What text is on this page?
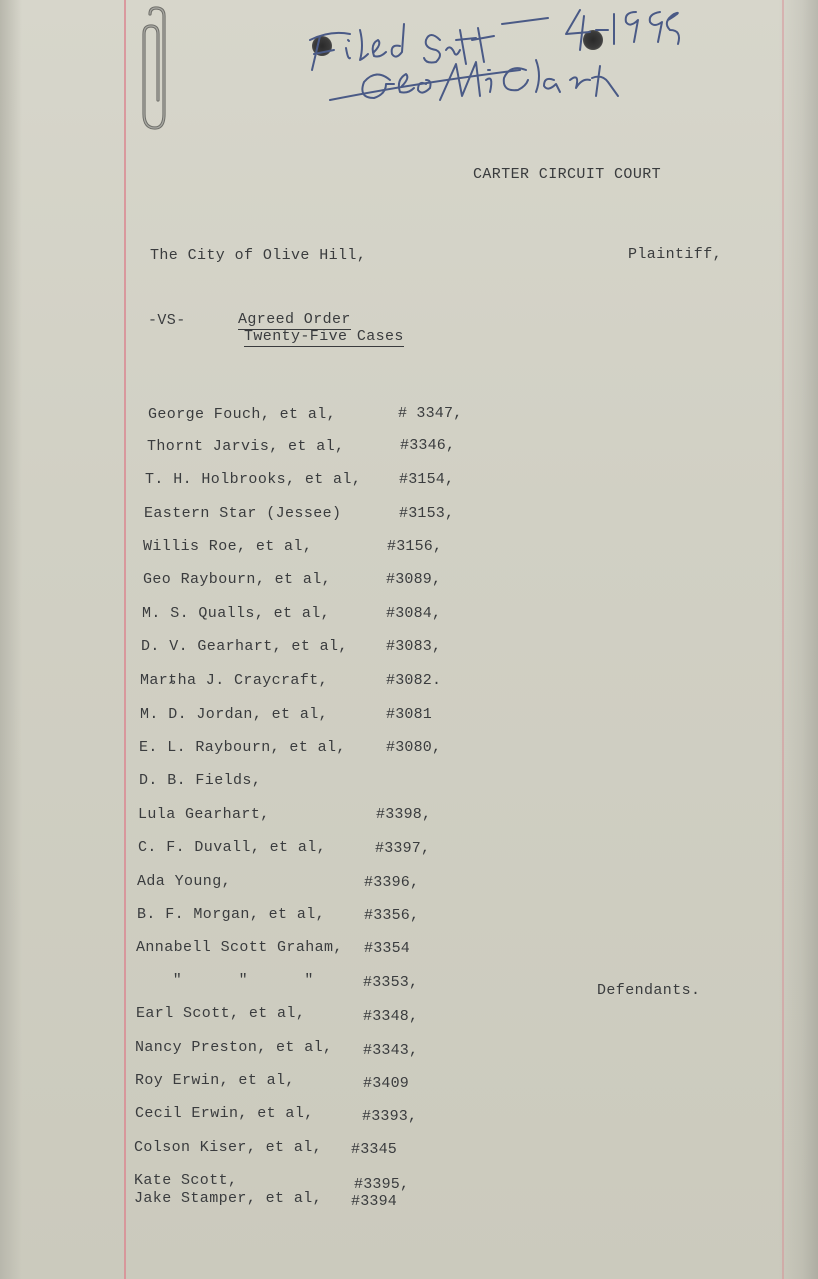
CARTER CIRCUIT COURT
The City of Olive Hill,	Plaintiff,
-VS-	Agreed Order
Twenty-Five Cases
Defendants.
George Fouch, et al,	# 3347,
Thornt Jarvis, et al,	#3346,
T. H. Holbrooks, et al,	#3154,
Eastern Star (Jessee)	#3153,
Willis Roe, et al,	#3156,
Geo Raybourn, et al,	#3089,
M. S. Qualls, et al,	#3084,
D. V. Gearhart, et al,	#3083,
Marȶha J. Craycraft,	#3082.
M. D. Jordan, et al,	#3081
E. L. Raybourn, et al,	#3080,
D. B. Fields,
Lula Gearhart,	#3398,
C. F. Duvall, et al,	#3397,
Ada Young,	#3396,
B. F. Morgan, et al,	#3356,
Annabell Scott Graham, #3354
"      "      "	#3353,
Earl Scott, et al,	#3348,
Nancy Preston, et al, #3343,
Roy Erwin, et al,	#3409
Cecil Erwin, et al,	#3393,
Colson Kiser, et al, #3345
Kate Scott,	#3395,
Jake Stamper, et al, #3394
